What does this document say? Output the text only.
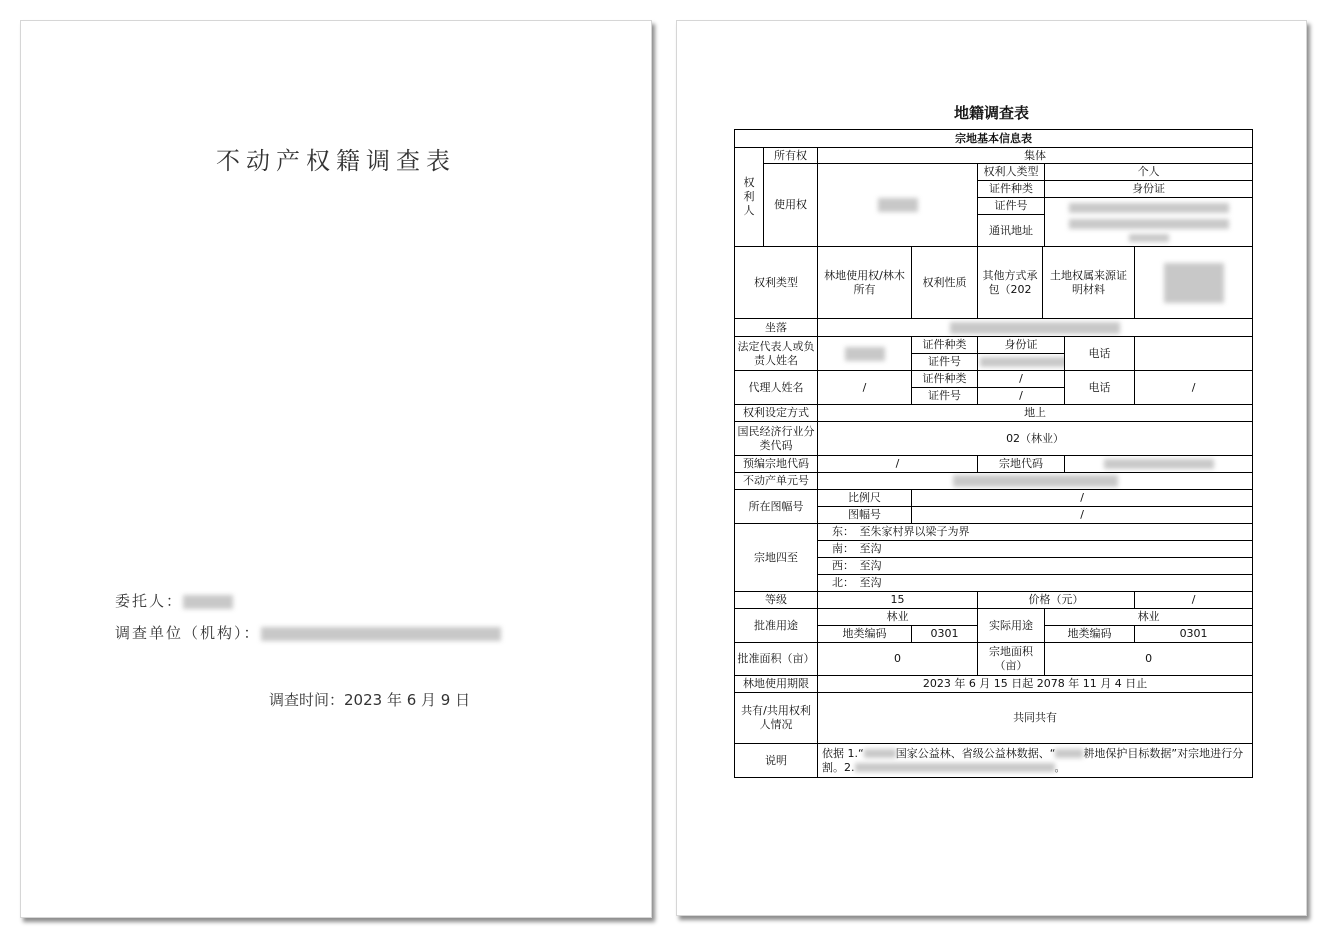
不动产权籍调查表
委托人：
调查单位（机构）：
调查时间：2023 年 6 月 9 日
地籍调查表
宗地基本信息表								
权利人	所有权	集体						
	使用权			权利人类型		个人		
				证件种类		身份证		
				证件号				

				通讯地址				
权利类型		林地使用权/林木所有	权利性质	其他方式承包（202	土地权属来源证明材料			
坐落								
法定代表人或负责人姓名			证件种类	身份证			电话	
			证件号					
代理人姓名		/	证件种类	/			电话	/
			证件号	/				
权利设定方式		地上						
国民经济行业分类代码		02（林业）						
预编宗地代码		/		宗地代码				
不动产单元号								
所在图幅号		比例尺	/					
		图幅号	/					
宗地四至		东：　至朱家村界以梁子为界						
		南：　至沟						
		西：　至沟						
		北：　至沟						
等级		15		价格（元）				/
批准用途		林业		实际用途		林业		
		地类编码	0301			地类编码		0301
批准面积（亩）		0		宗地面积（亩）		0		
林地使用期限		2023 年 6 月 15 日起 2078 年 11 月 4 日止						
共有/共用权利人情况		共同共有						
说明		依据 1.“ 国家公益林、省级公益林数据、“ 耕地保护目标数据”对宗地进行分割。2. 。						
